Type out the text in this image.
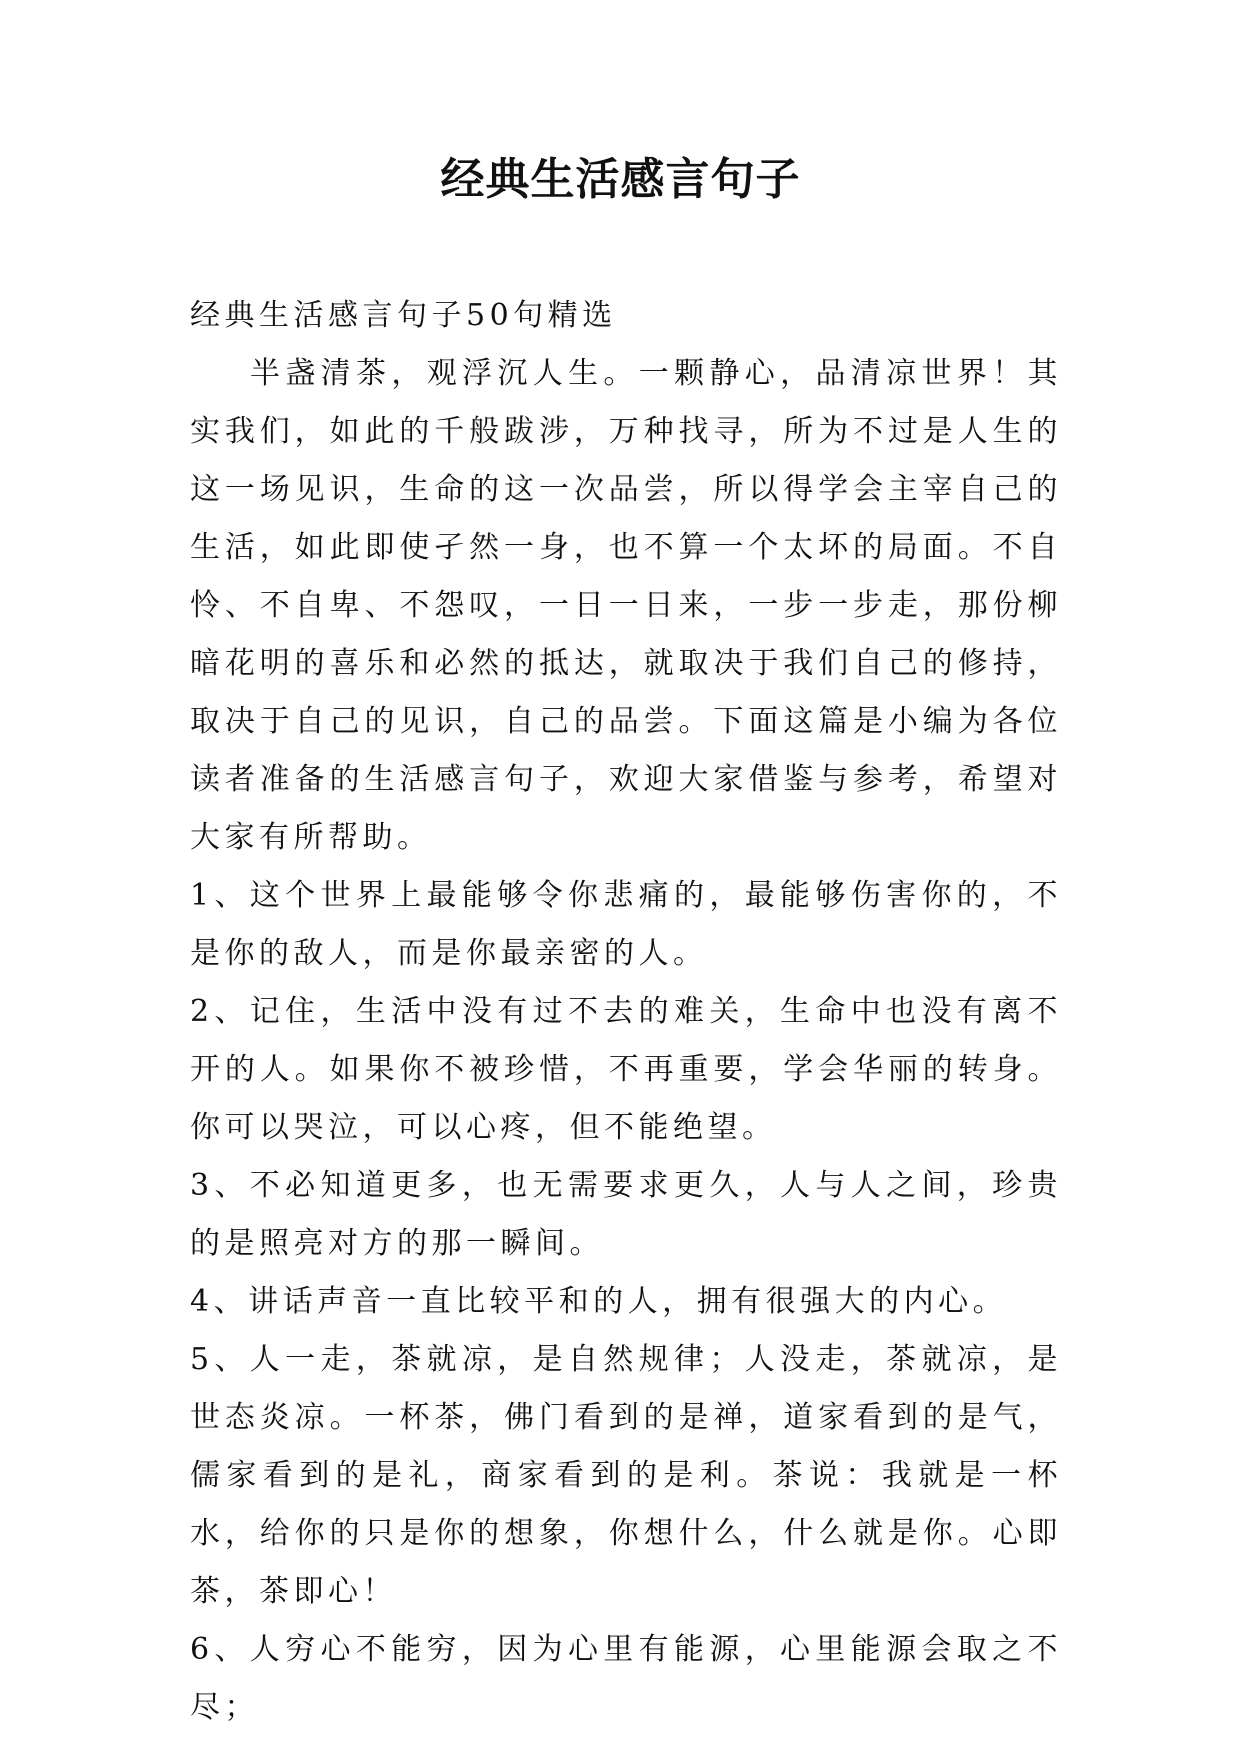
经典生活感言句子

经典生活感言句子50句精选

半盏清茶，观浮沉人生。一颗静心，品清凉世界！其实我们，如此的千般跋涉，万种找寻，所为不过是人生的这一场见识，生命的这一次品尝，所以得学会主宰自己的生活，如此即使孑然一身，也不算一个太坏的局面。不自怜、不自卑、不怨叹，一日一日来，一步一步走，那份柳暗花明的喜乐和必然的抵达，就取决于我们自己的修持，取决于自己的见识，自己的品尝。下面这篇是小编为各位读者准备的生活感言句子，欢迎大家借鉴与参考，希望对大家有所帮助。

1、这个世界上最能够令你悲痛的，最能够伤害你的，不是你的敌人，而是你最亲密的人。

2、记住，生活中没有过不去的难关，生命中也没有离不开的人。如果你不被珍惜，不再重要，学会华丽的转身。你可以哭泣，可以心疼，但不能绝望。

3、不必知道更多，也无需要求更久，人与人之间，珍贵的是照亮对方的那一瞬间。

4、讲话声音一直比较平和的人，拥有很强大的内心。

5、人一走，茶就凉，是自然规律；人没走，茶就凉，是世态炎凉。一杯茶，佛门看到的是禅，道家看到的是气，儒家看到的是礼，商家看到的是利。茶说：我就是一杯水，给你的只是你的想象，你想什么，什么就是你。心即茶，茶即心！

6、人穷心不能穷，因为心里有能源，心里能源会取之不尽；
